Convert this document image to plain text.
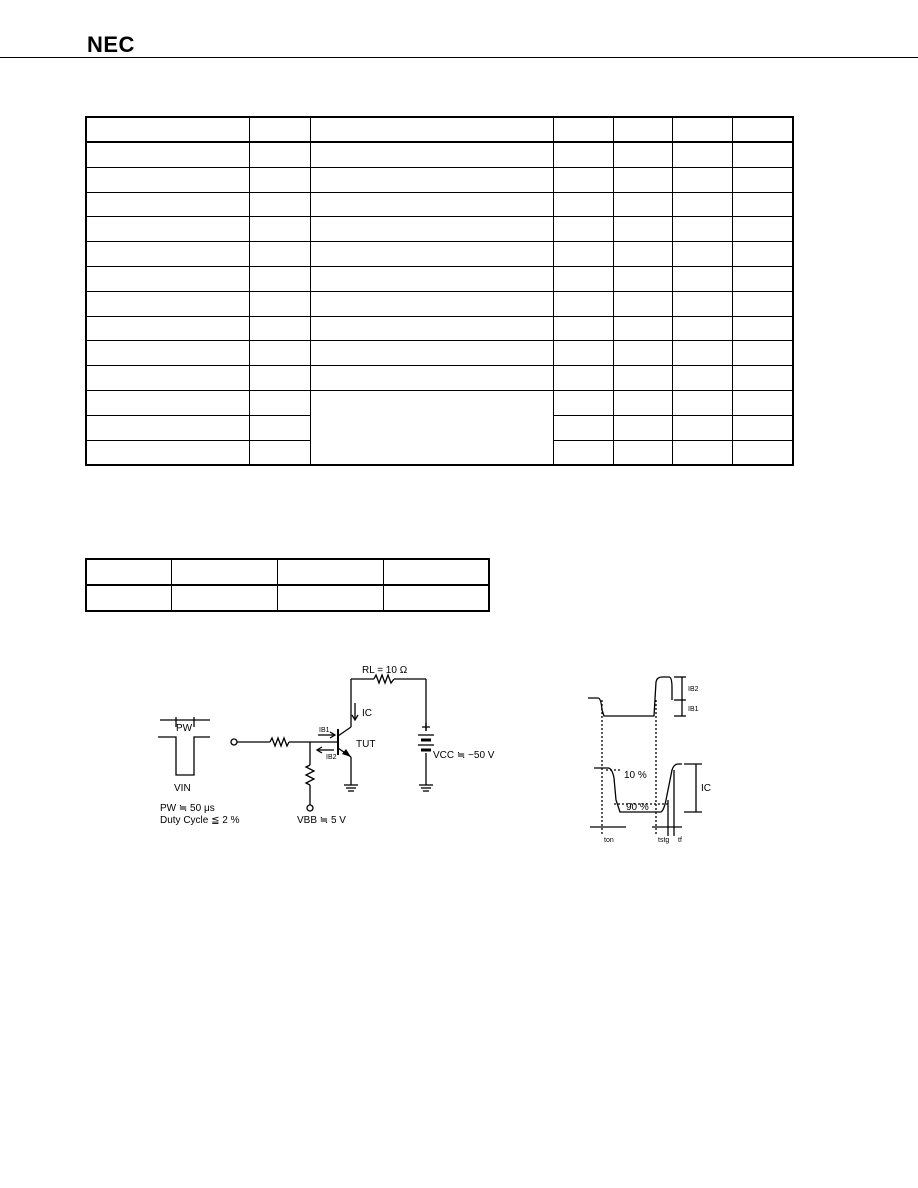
NEC

PW
VIN
PW ≒ 50 μs
Duty Cycle ≦ 2 %
RL = 10 Ω
IC
IB1
IB2
TUT
VCC ≒ −50 V
VBB ≒ 5 V
IB2
IB1
10 %
90 %
IC
ton	tstg tf
